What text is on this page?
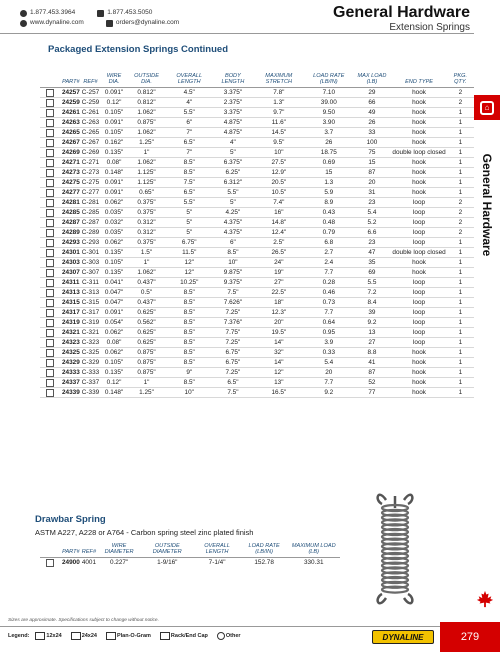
1.877.453.3964	1.877.453.5050
www.dynaline.com	orders@dynaline.com
General Hardware
Extension Springs
⌂
General Hardware
Packaged Extension Springs Continued
PART#	REF#	WIRE DIA.	OUTSIDE DIA.	OVERALL LENGTH	BODY LENGTH	MAXIMUM STRETCH	LOAD RATE (LB/IN)	MAX LOAD (LB)	END TYPE	PKG. QTY.

24257	C-257	0.091"	0.812"	4.5"	3.375"	7.8"	7.10	29	hook	2

24259	C-259	0.12"	0.812"	4"	2.375"	1.3"	39.00	66	hook	2

24261	C-261	0.105"	1.062"	5.5"	3.375"	9.7"	9.50	49	hook	1

24263	C-263	0.091"	0.875"	6"	4.875"	11.6"	3.90	26	hook	1

24265	C-265	0.105"	1.062"	7"	4.875"	14.5"	3.7	33	hook	1

24267	C-267	0.162"	1.25"	6.5"	4"	9.5"	26	100	hook	1

24269	C-269	0.135"	1"	7"	5"	10"	18.75	75	double loop closed	1

24271	C-271	0.08"	1.062"	8.5"	6.375"	27.5"	0.69	15	hook	1

24273	C-273	0.148"	1.125"	8.5"	6.25"	12.9"	15	87	hook	1

24275	C-275	0.091"	1.125"	7.5"	6.312"	20.5"	1.3	20	hook	1

24277	C-277	0.091"	0.65"	6.5"	5.5"	10.5"	5.9	31	hook	1

24281	C-281	0.062"	0.375"	5.5"	5"	7.4"	8.9	23	loop	2

24285	C-285	0.035"	0.375"	5"	4.25"	16"	0.43	5.4	loop	2

24287	C-287	0.032"	0.312"	5"	4.375"	14.8"	0.48	5.2	loop	2

24289	C-289	0.035"	0.312"	5"	4.375"	12.4"	0.79	6.6	loop	2

24293	C-293	0.062"	0.375"	6.75"	6"	2.5"	6.8	23	loop	1

24301	C-301	0.135"	1.5"	11.5"	8.5"	26.5"	2.7	47	double loop closed	1

24303	C-303	0.105"	1"	12"	10"	24"	2.4	35	hook	1

24307	C-307	0.135"	1.062"	12"	9.875"	19"	7.7	69	hook	1

24311	C-311	0.041"	0.437"	10.25"	9.375"	27"	0.28	5.5	loop	1

24313	C-313	0.047"	0.5"	8.5"	7.5"	22.5"	0.46	7.2	loop	1

24315	C-315	0.047"	0.437"	8.5"	7.626"	18"	0.73	8.4	loop	1

24317	C-317	0.091"	0.625"	8.5"	7.25"	12.3"	7.7	39	loop	1

24319	C-319	0.054"	0.562"	8.5"	7.376"	20"	0.64	9.2	loop	1

24321	C-321	0.062"	0.625"	8.5"	7.75"	19.5"	0.95	13	loop	1

24323	C-323	0.08"	0.625"	8.5"	7.25"	14"	3.9	27	loop	1

24325	C-325	0.062"	0.875"	8.5"	6.75"	32"	0.33	8.8	hook	1

24329	C-329	0.105"	0.875"	8.5"	6.75"	14"	5.4	41	hook	1

24333	C-333	0.135"	0.875"	9"	7.25"	12"	20	87	hook	1

24337	C-337	0.12"	1"	8.5"	6.5"	13"	7.7	52	hook	1

24339	C-339	0.148"	1.25"	10"	7.5"	16.5"	9.2	77	hook	1
Drawbar Spring
ASTM A227, A228 or A764 - Carbon spring steel zinc plated finish
PART#	REF#	WIRE DIAMETER	OUTSIDE DIAMETER	OVERALL LENGTH	LOAD RATE (LB/IN)	MAXIMUM LOAD (LB)

24900	4001	0.227"	1-9/16"	7-1/4"	152.78	330.31
Sizes are approximate. Specifications subject to change without notice.
Legend:	12x24	24x24	Plan-O-Gram	Rack/End Cap	Other	DYNALINE	279
